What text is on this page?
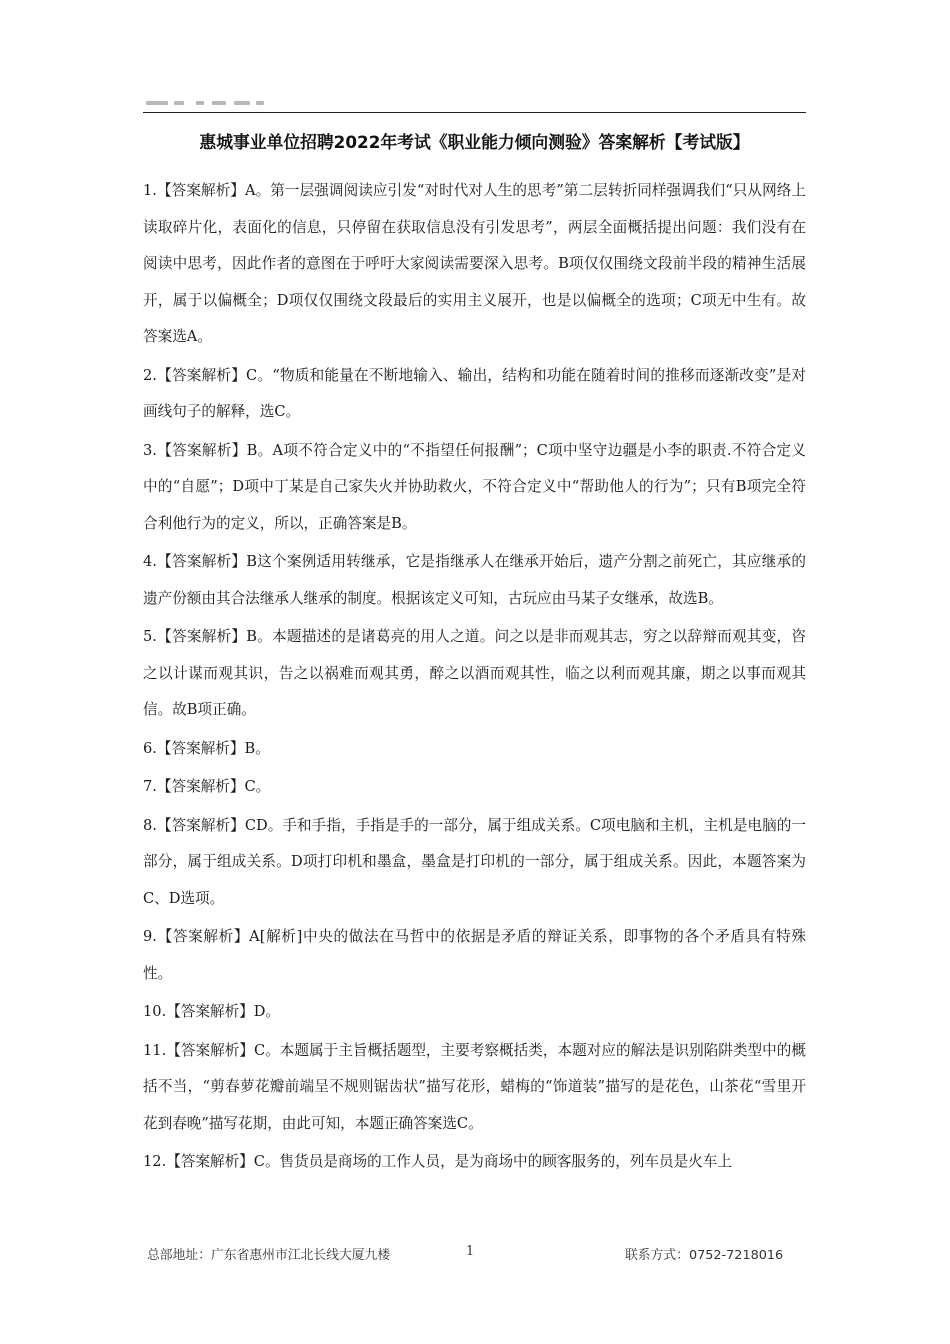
惠城事业单位招聘2022年考试《职业能力倾向测验》答案解析【考试版】

1.【答案解析】A。第一层强调阅读应引发“对时代对人生的思考”第二层转折同样强调我们“只从网络上读取碎片化，表面化的信息，只停留在获取信息没有引发思考”，两层全面概括提出问题：我们没有在阅读中思考，因此作者的意图在于呼吁大家阅读需要深入思考。B项仅仅围绕文段前半段的精神生活展开，属于以偏概全；D项仅仅围绕文段最后的实用主义展开，也是以偏概全的选项；C项无中生有。故答案选A。

2.【答案解析】C。“物质和能量在不断地输入、输出，结构和功能在随着时间的推移而逐渐改变”是对画线句子的解释，选C。

3.【答案解析】B。A项不符合定义中的“不指望任何报酬”；C项中坚守边疆是小李的职责.不符合定义中的“自愿”；D项中丁某是自己家失火并协助救火，不符合定义中“帮助他人的行为”；只有B项完全符合利他行为的定义，所以，正确答案是B。

4.【答案解析】B这个案例适用转继承，它是指继承人在继承开始后，遗产分割之前死亡，其应继承的遗产份额由其合法继承人继承的制度。根据该定义可知，古玩应由马某子女继承，故选B。

5.【答案解析】B。本题描述的是诸葛亮的用人之道。问之以是非而观其志，穷之以辞辩而观其变，咨之以计谋而观其识，告之以祸难而观其勇，醉之以酒而观其性，临之以利而观其廉，期之以事而观其信。故B项正确。

6.【答案解析】B。

7.【答案解析】C。

8.【答案解析】CD。手和手指，手指是手的一部分，属于组成关系。C项电脑和主机，主机是电脑的一部分，属于组成关系。D项打印机和墨盒，墨盒是打印机的一部分，属于组成关系。因此，本题答案为C、D选项。

9.【答案解析】A[解析]中央的做法在马哲中的依据是矛盾的辩证关系，即事物的各个矛盾具有特殊性。

10.【答案解析】D。

11.【答案解析】C。本题属于主旨概括题型，主要考察概括类，本题对应的解法是识别陷阱类型中的概括不当，“剪春萝花瓣前端呈不规则锯齿状”描写花形，蜡梅的“饰道装”描写的是花色，山茶花“雪里开花到春晚”描写花期，由此可知，本题正确答案选C。

12.【答案解析】C。售货员是商场的工作人员，是为商场中的顾客服务的，列车员是火车上

总部地址：广东省惠州市江北长线大厦九楼	1	联系方式：0752-7218016
